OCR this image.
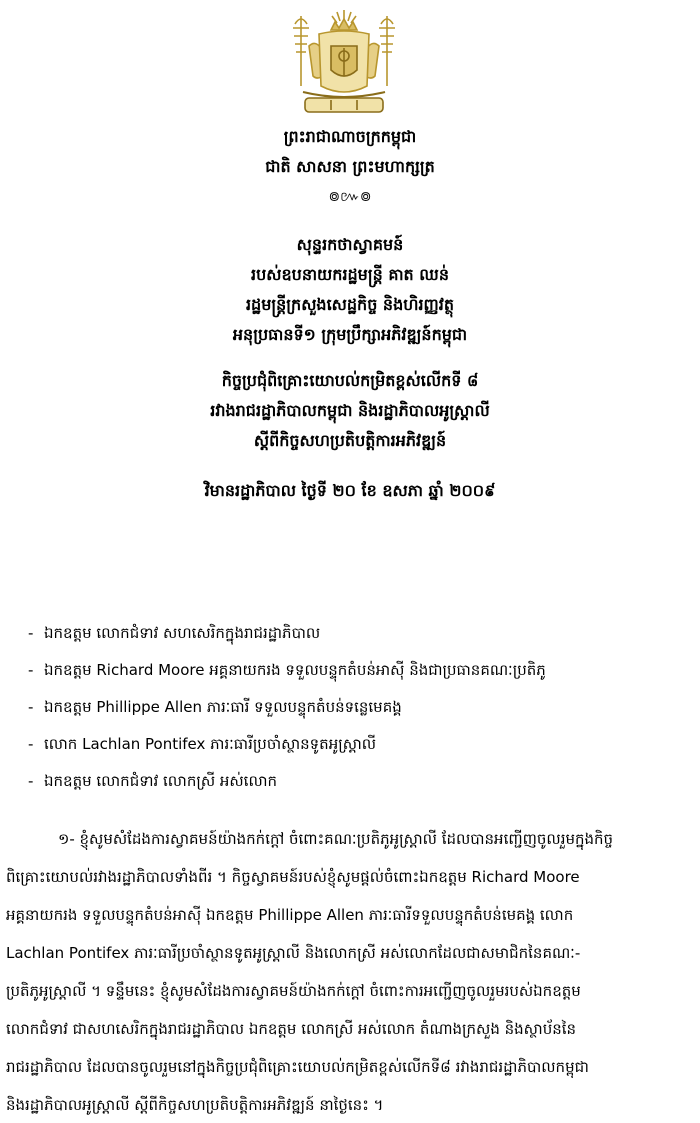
ព្រះរាជាណាចក្រកម្ពុជា
ជាតិ សាសនា ព្រះមហាក្សត្រ
៙៚៙
សុន្ទរកថាស្វាគមន៍
របស់ឧបនាយករដ្ឋមន្ត្រី គាត ឈន់
រដ្ឋមន្ត្រីក្រសួងសេដ្ឋកិច្ច និងហិរញ្ញវត្ថុ
អនុប្រធានទី១ ក្រុមប្រឹក្សាអភិវឌ្ឍន៍កម្ពុជា
កិច្ចប្រជុំពិគ្រោះយោបល់កម្រិតខ្ពស់លើកទី ៨
រវាងរាជរដ្ឋាភិបាលកម្ពុជា និងរដ្ឋាភិបាលអូស្ត្រាលី
ស្តីពីកិច្ចសហប្រតិបត្តិការអភិវឌ្ឍន៍
វិមានរដ្ឋាភិបាល ថ្ងៃទី ២០ ខែ ឧសភា ឆ្នាំ ២០០៩
- ឯកឧត្តម លោកជំទាវ សហសេរិកក្នុងរាជរដ្ឋាភិបាល
- ឯកឧត្តម Richard Moore អគ្គនាយករង ទទួលបន្ទុកតំបន់អាស៊ី និងជាប្រធានគណៈប្រតិភូ
- ឯកឧត្តម Phillippe Allen ភារៈធារី ទទួលបន្ទុកតំបន់ទន្លេមេគង្គ
- លោក Lachlan Pontifex ភារៈធារីប្រចាំស្ថានទូតអូស្ត្រាលី
- ឯកឧត្តម លោកជំទាវ លោកស្រី អស់លោក
១- ខ្ញុំសូមសំដែងការស្វាគមន៍យ៉ាងកក់ក្តៅ ចំពោះគណៈប្រតិភូអូស្ត្រាលី ដែលបានអញ្ជើញចូលរួមក្នុងកិច្ច
ពិគ្រោះយោបល់រវាងរដ្ឋាភិបាលទាំងពីរ ។ កិច្ចស្វាគមន៍របស់ខ្ញុំសូមផ្តល់ចំពោះឯកឧត្តម Richard Moore
អគ្គនាយករង ទទួលបន្ទុកតំបន់អាស៊ី ឯកឧត្តម Phillippe Allen ភារៈធារីទទួលបន្ទុកតំបន់មេគង្គ លោក
Lachlan Pontifex ភារៈធារីប្រចាំស្ថានទូតអូស្ត្រាលី និងលោកស្រី អស់លោកដែលជាសមាជិកនៃគណៈ-
ប្រតិភូអូស្ត្រាលី ។ ទន្ទឹមនេះ ខ្ញុំសូមសំដែងការស្វាគមន៍យ៉ាងកក់ក្តៅ ចំពោះការអញ្ជើញចូលរួមរបស់ឯកឧត្តម
លោកជំទាវ ជាសហសេរិកក្នុងរាជរដ្ឋាភិបាល ឯកឧត្តម លោកស្រី អស់លោក តំណាងក្រសួង និងស្ថាប័ននៃ
រាជរដ្ឋាភិបាល ដែលបានចូលរួមនៅក្នុងកិច្ចប្រជុំពិគ្រោះយោបល់កម្រិតខ្ពស់លើកទី៨ រវាងរាជរដ្ឋាភិបាលកម្ពុជា
និងរដ្ឋាភិបាលអូស្ត្រាលី ស្តីពីកិច្ចសហប្រតិបត្តិការអភិវឌ្ឍន៍ នាថ្ងៃនេះ ។
